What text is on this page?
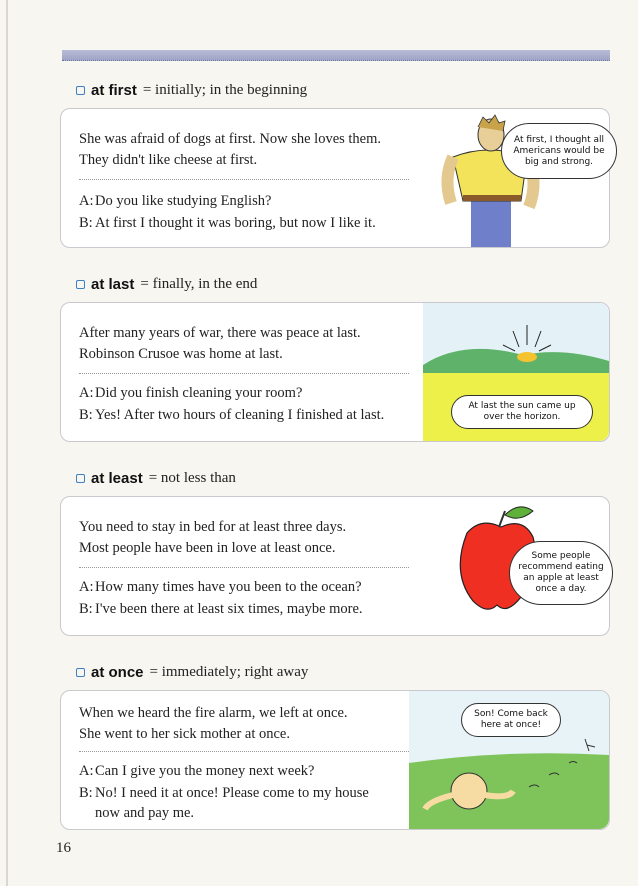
at first = initially; in the beginning
She was afraid of dogs at first. Now she loves them.
They didn't like cheese at first.
A: Do you like studying English?
B: At first I thought it was boring, but now I like it.
At first, I thought all Americans would be big and strong.
at last = finally, in the end
After many years of war, there was peace at last.
Robinson Crusoe was home at last.
A: Did you finish cleaning your room?
B: Yes! After two hours of cleaning I finished at last.
At last the sun came up over the horizon.
at least = not less than
You need to stay in bed for at least three days.
Most people have been in love at least once.
A: How many times have you been to the ocean?
B: I've been there at least six times, maybe more.
Some people recommend eating an apple at least once a day.
at once = immediately; right away
When we heard the fire alarm, we left at once.
She went to her sick mother at once.
A: Can I give you the money next week?
B: No! I need it at once! Please come to my house now and pay me.
Son! Come back here at once!
16
